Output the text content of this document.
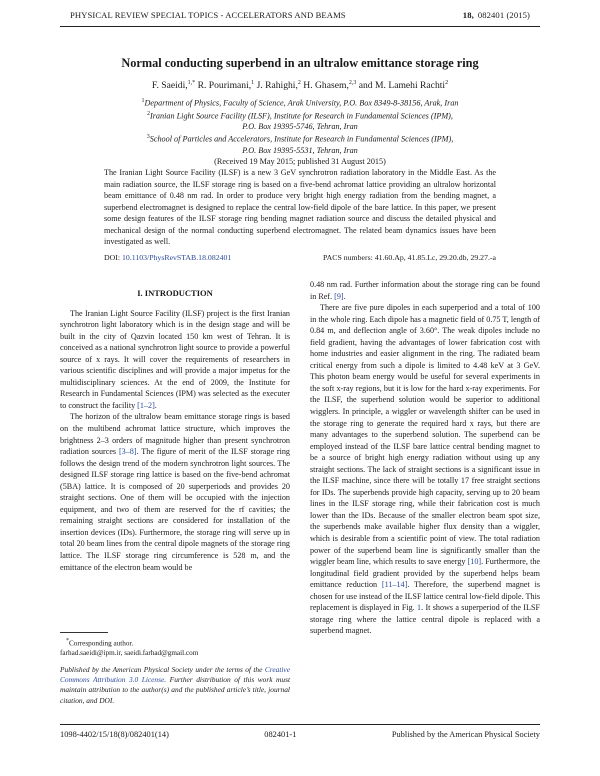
PHYSICAL REVIEW SPECIAL TOPICS - ACCELERATORS AND BEAMS	18, 082401 (2015)
Normal conducting superbend in an ultralow emittance storage ring
F. Saeidi,$^{1,*}$ R. Pourimani,$^1$ J. Rahighi,$^2$ H. Ghasem,$^{2,3}$ and M. Lamehi Rachti$^2$
$^1$Department of Physics, Faculty of Science, Arak University, P.O. Box 8349-8-38156, Arak, Iran
$^2$Iranian Light Source Facility (ILSF), Institute for Research in Fundamental Sciences (IPM),
P.O. Box 19395-5746, Tehran, Iran
$^3$School of Particles and Accelerators, Institute for Research in Fundamental Sciences (IPM),
P.O. Box 19395-5531, Tehran, Iran
(Received 19 May 2015; published 31 August 2015)
The Iranian Light Source Facility (ILSF) is a new 3 GeV synchrotron radiation laboratory in the Middle East. As the main radiation source, the ILSF storage ring is based on a five-bend achromat lattice providing an ultralow horizontal beam emittance of 0.48 nm rad. In order to produce very bright high energy radiation from the bending magnet, a superbend electromagnet is designed to replace the central low-field dipole of the bare lattice. In this paper, we present some design features of the ILSF storage ring bending magnet radiation source and discuss the detailed physical and mechanical design of the normal conducting superbend electromagnet. The related beam dynamics issues have been investigated as well.
DOI: 10.1103/PhysRevSTAB.18.082401	PACS numbers: 41.60.Ap, 41.85.Lc, 29.20.db, 29.27.-a
I. INTRODUCTION

The Iranian Light Source Facility (ILSF) project is the first Iranian synchrotron light laboratory which is in the design stage and will be built in the city of Qazvin located 150 km west of Tehran. It is conceived as a national synchrotron light source to provide a powerful source of x rays. It will cover the requirements of researchers in various scientific disciplines and will provide a major impetus for the multidisciplinary sciences. At the end of 2009, the Institute for Research in Fundamental Sciences (IPM) was selected as the executer to construct the facility [1–2].

The horizon of the ultralow beam emittance storage rings is based on the multibend achromat lattice structure, which improves the brightness 2–3 orders of magnitude higher than present synchrotron radiation sources [3–8]. The figure of merit of the ILSF storage ring follows the design trend of the modern synchrotron light sources. The designed ILSF storage ring lattice is based on the five-bend achromat (5BA) lattice. It is composed of 20 superperiods and provides 20 straight sections. One of them will be occupied with the injection equipment, and two of them are reserved for the rf cavities; the remaining straight sections are considered for installation of the insertion devices (IDs). Furthermore, the storage ring will serve up in total 20 beam lines from the central dipole magnets of the storage ring lattice. The ILSF storage ring circumference is 528 m, and the emittance of the electron beam would be

0.48 nm rad. Further information about the storage ring can be found in Ref. [9].

There are five pure dipoles in each superperiod and a total of 100 in the whole ring. Each dipole has a magnetic field of 0.75 T, length of 0.84 m, and deflection angle of 3.60°. The weak dipoles include no field gradient, having the advantages of lower fabrication cost with home industries and easier alignment in the ring. The radiated beam critical energy from such a dipole is limited to 4.48 keV at 3 GeV. This photon beam energy would be useful for several experiments in the soft x-ray regions, but it is low for the hard x-ray experiments. For the ILSF, the superbend solution would be superior to additional wigglers. In principle, a wiggler or wavelength shifter can be used in the storage ring to generate the required hard x rays, but there are many advantages to the superbend solution. The superbend can be employed instead of the ILSF bare lattice central bending magnet to be a source of bright high energy radiation without using up any straight sections. The lack of straight sections is a significant issue in the ILSF machine, since there will be totally 17 free straight sections for IDs. The superbends provide high capacity, serving up to 20 beam lines in the ILSF storage ring, while their fabrication cost is much lower than the IDs. Because of the smaller electron beam spot size, the superbends make available higher flux density than a wiggler, which is desirable from a scientific point of view. The total radiation power of the superbend beam line is significantly smaller than the wiggler beam line, which results to save energy [10]. Furthermore, the longitudinal field gradient provided by the superbend helps beam emittance reduction [11–14]. Therefore, the superbend magnet is chosen for use instead of the ILSF lattice central low-field dipole. This replacement is displayed in Fig. 1. It shows a superperiod of the ILSF storage ring where the lattice central dipole is replaced with a superbend magnet.

*Corresponding author.
farhad.saeidi@ipm.ir, saeidi.farhad@gmail.com
Published by the American Physical Society under the terms of the Creative Commons Attribution 3.0 License. Further distribution of this work must maintain attribution to the author(s) and the published article’s title, journal citation, and DOI.
1098-4402/15/18(8)/082401(14)	082401-1	Published by the American Physical Society
